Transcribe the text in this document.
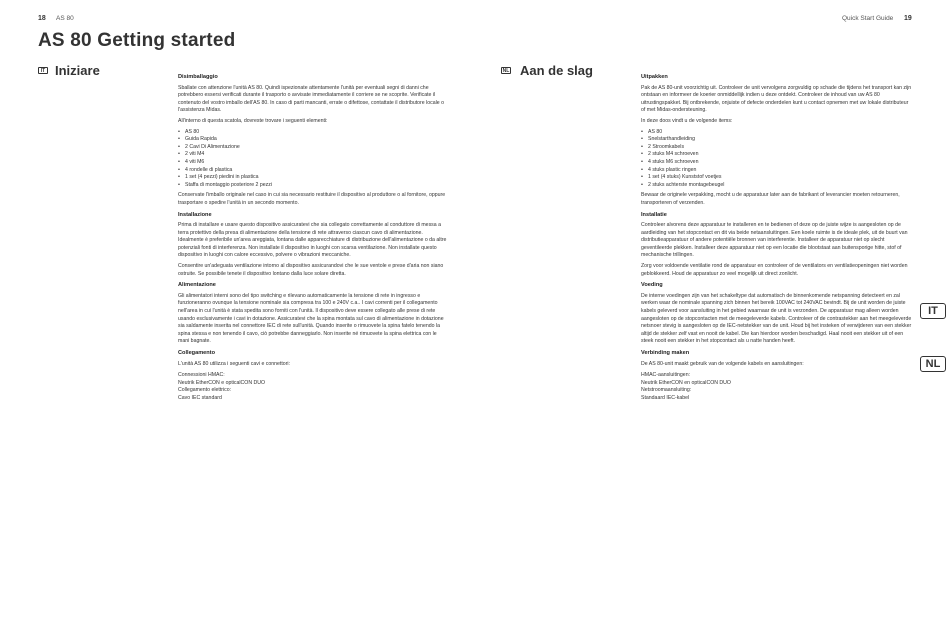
18 AS 80	Quick Start Guide 19
AS 80 Getting started
IT Iniziare	NL Aan de slag
Disimballaggio

Sballate con attenzione l'unità AS 80. Quindi ispezionate attentamente l'unità per eventuali segni di danni che potrebbero essersi verificati durante il trasporto o avvisate immediatamente il corriere se ne scoprite. Verificate il contenuto del vostro imballo dell'AS 80. In caso di parti mancanti, errate o difettose, contattate il distributore locale o l'assistenza Midas.

All'interno di questa scatola, dovreste trovare i seguenti elementi:

• AS 80
• Guida Rapida
• 2 Cavi Di Alimentazione
• 2 viti M4
• 4 viti M6
• 4 rondelle di plastica
• 1 set (4 pezzi) piedini in plastica
• Staffa di montaggio posteriore 2 pezzi

Conservate l'imballo originale nel caso in cui sia necessario restituire il dispositivo al produttore o al fornitore, oppure trasportare o spedire l'unità in un secondo momento.

Installazione

Prima di installare e usare questo dispositivo assicuratevi che sia collegato correttamente al conduttore di messa a terra protettivo della presa di alimentazione della tensione di rete attraverso ciascun cavo di alimentazione. Idealmente è preferibile un'area areggiata, lontana dalle apparecchiature di distribuzione dell'alimentazione o da altre potenziali fonti di interferenza. Non installate il dispositivo in luoghi con scarsa ventilazione. Non installate questo dispositivo in luoghi con calore eccessivo, polvere o vibrazioni meccaniche.

Consentire un'adeguata ventilazione intorno al dispositivo assicurandovi che le sue ventole e prese d'aria non siano ostruite. Se possibile tenete il dispositivo lontano dalla luce solare diretta.

Alimentazione

Gli alimentatori interni sono del tipo switching e rilevano automaticamente la tensione di rete in ingresso e funzioneranno ovunque la tensione nominale sia compresa tra 100 e 240V c.a.. I cavi correnti per il collegamento nell'area in cui l'unità è stata spedita sono forniti con l'unità. Il dispositivo deve essere collegato alle prese di rete usando esclusivamente i cavi in dotazione. Assicuratevi che la spina montata sul cavo di alimentazione in dotazione sia saldamente inserita nel connettore IEC di rete sull'unità. Quando inserite o rimuovete la spina fatelo tenendo la spina stessa e non tenendo il cavo, ciò potrebbe danneggiarlo. Non inserite né rimuovete la spina elettrica con le mani bagnate.

Collegamento

L'unità AS 80 utilizza i seguenti cavi e connettori:

Connessioni HMAC:
Neutrik EtherCON e opticalCON DUO
Collegamento elettrico:
Cavo IEC standard

Uitpakken

Pak de AS 80-unit voorzichtig uit. Controleer de unit vervolgens zorgvuldig op schade die tijdens het transport kan zijn ontstaan en informeer de koerier onmiddellijk indien u deze ontdekt. Controleer de inhoud van uw AS 80 uitrustingspakket. Bij ontbrekende, onjuiste of defecte onderdelen kunt u contact opnemen met uw lokale distributeur of met Midas-ondersteuning.

In deze doos vindt u de volgende items:

• AS 80
• Snelstarthandleiding
• 2 Stroomkabels
• 2 stuks M4 schroeven
• 4 stuks M6 schroeven
• 4 stuks plastic ringen
• 1 set (4 stuks) Kunststof voetjes
• 2 stuks achterste montagebeugel

Bewaar de originele verpakking, mocht u de apparatuur later aan de fabrikant of leverancier moeten retourneren, transporteren of verzenden.

Installatie

Controleer alvorens deze apparatuur te installeren en te bedienen of deze op de juiste wijze is aangesloten op de aardleiding van het stopcontact en dit via beide netaansluitingen. Een koele ruimte is de ideale plek, uit de buurt van distributieapparatuur of andere potentiële bronnen van interferentie. Installeer de apparatuur niet op slecht geventileerde plekken. Installeer deze apparatuur niet op een locatie die blootstaat aan buitensporige hitte, stof of mechanische trillingen.

Zorg voor voldoende ventilatie rond de apparatuur en controleer of de ventilators en ventilatieopeningen niet worden geblokkeerd. Houd de apparatuur zo veel mogelijk uit direct zonlicht.

Voeding

De interne voedingen zijn van het schakeltype dat automatisch de binnenkomende netspanning detecteert en zal werken waar de nominale spanning zich binnen het bereik 100VAC tot 240VAC bevindt. Bij de unit worden de juiste kabels geleverd voor aansluiting in het gebied waarnaar de unit is verzonden. De apparatuur mag alleen worden aangesloten op de stopcontacten met de meegeleverde kabels. Controleer of de contrastekker aan het meegeleverde netsnoer stevig is aangesloten op de IEC-netstekker van de unit. Houd bij het insteken of verwijderen van een stekker altijd de stekker zelf vast en nooit de kabel. Die kan hierdoor worden beschadigd. Haal nooit een stekker uit of een steek nooit een stekker in het stopcontact als u natte handen heeft.

Verbinding maken

De AS 80-unit maakt gebruik van de volgende kabels en aansluitingen:

HMAC-aansluitingen:
Neutrik EtherCON en opticalCON DUO
Netstroomaansluiting:
Standaard IEC-kabel

IT
NL
